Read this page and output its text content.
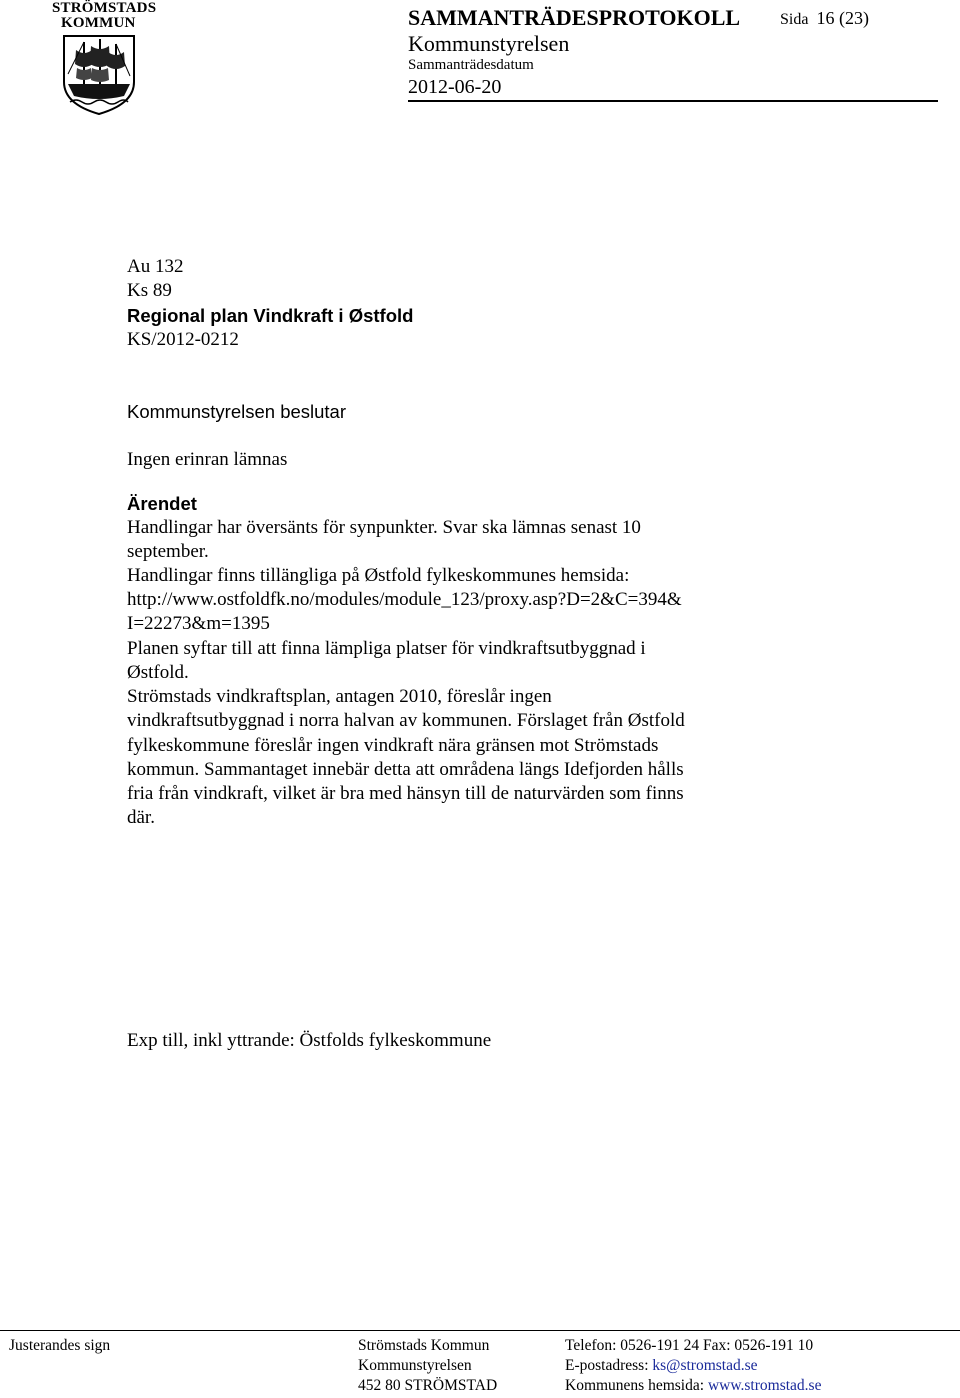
STRÖMSTADS
KOMMUN	SAMMANTRÄDESPROTOKOLL Sida 16 (23)
Kommunstyrelsen
Sammanträdesdatum
2012-06-20
Au 132
Ks 89
Regional plan Vindkraft i Østfold
KS/2012-0212
Kommunstyrelsen beslutar
Ingen erinran lämnas
Ärendet
Handlingar har översänts för synpunkter. Svar ska lämnas senast 10
september.
Handlingar finns tillängliga på Østfold fylkeskommunes hemsida:
http://www.ostfoldfk.no/modules/module_123/proxy.asp?D=2&C=394&
I=22273&m=1395
Planen syftar till att finna lämpliga platser för vindkraftsutbyggnad i
Østfold.
Strömstads vindkraftsplan, antagen 2010, föreslår ingen
vindkraftsutbyggnad i norra halvan av kommunen. Förslaget från Østfold
fylkeskommune föreslår ingen vindkraft nära gränsen mot Strömstads
kommun. Sammantaget innebär detta att områdena längs Idefjorden hålls
fria från vindkraft, vilket är bra med hänsyn till de naturvärden som finns
där.
Exp till, inkl yttrande: Östfolds fylkeskommune
Justerandes sign	Strömstads Kommun
Kommunstyrelsen
452 80 STRÖMSTAD
Telefon: 0526-191 24 Fax: 0526-191 10
E-postadress: ks@stromstad.se
Kommunens hemsida: www.stromstad.se
